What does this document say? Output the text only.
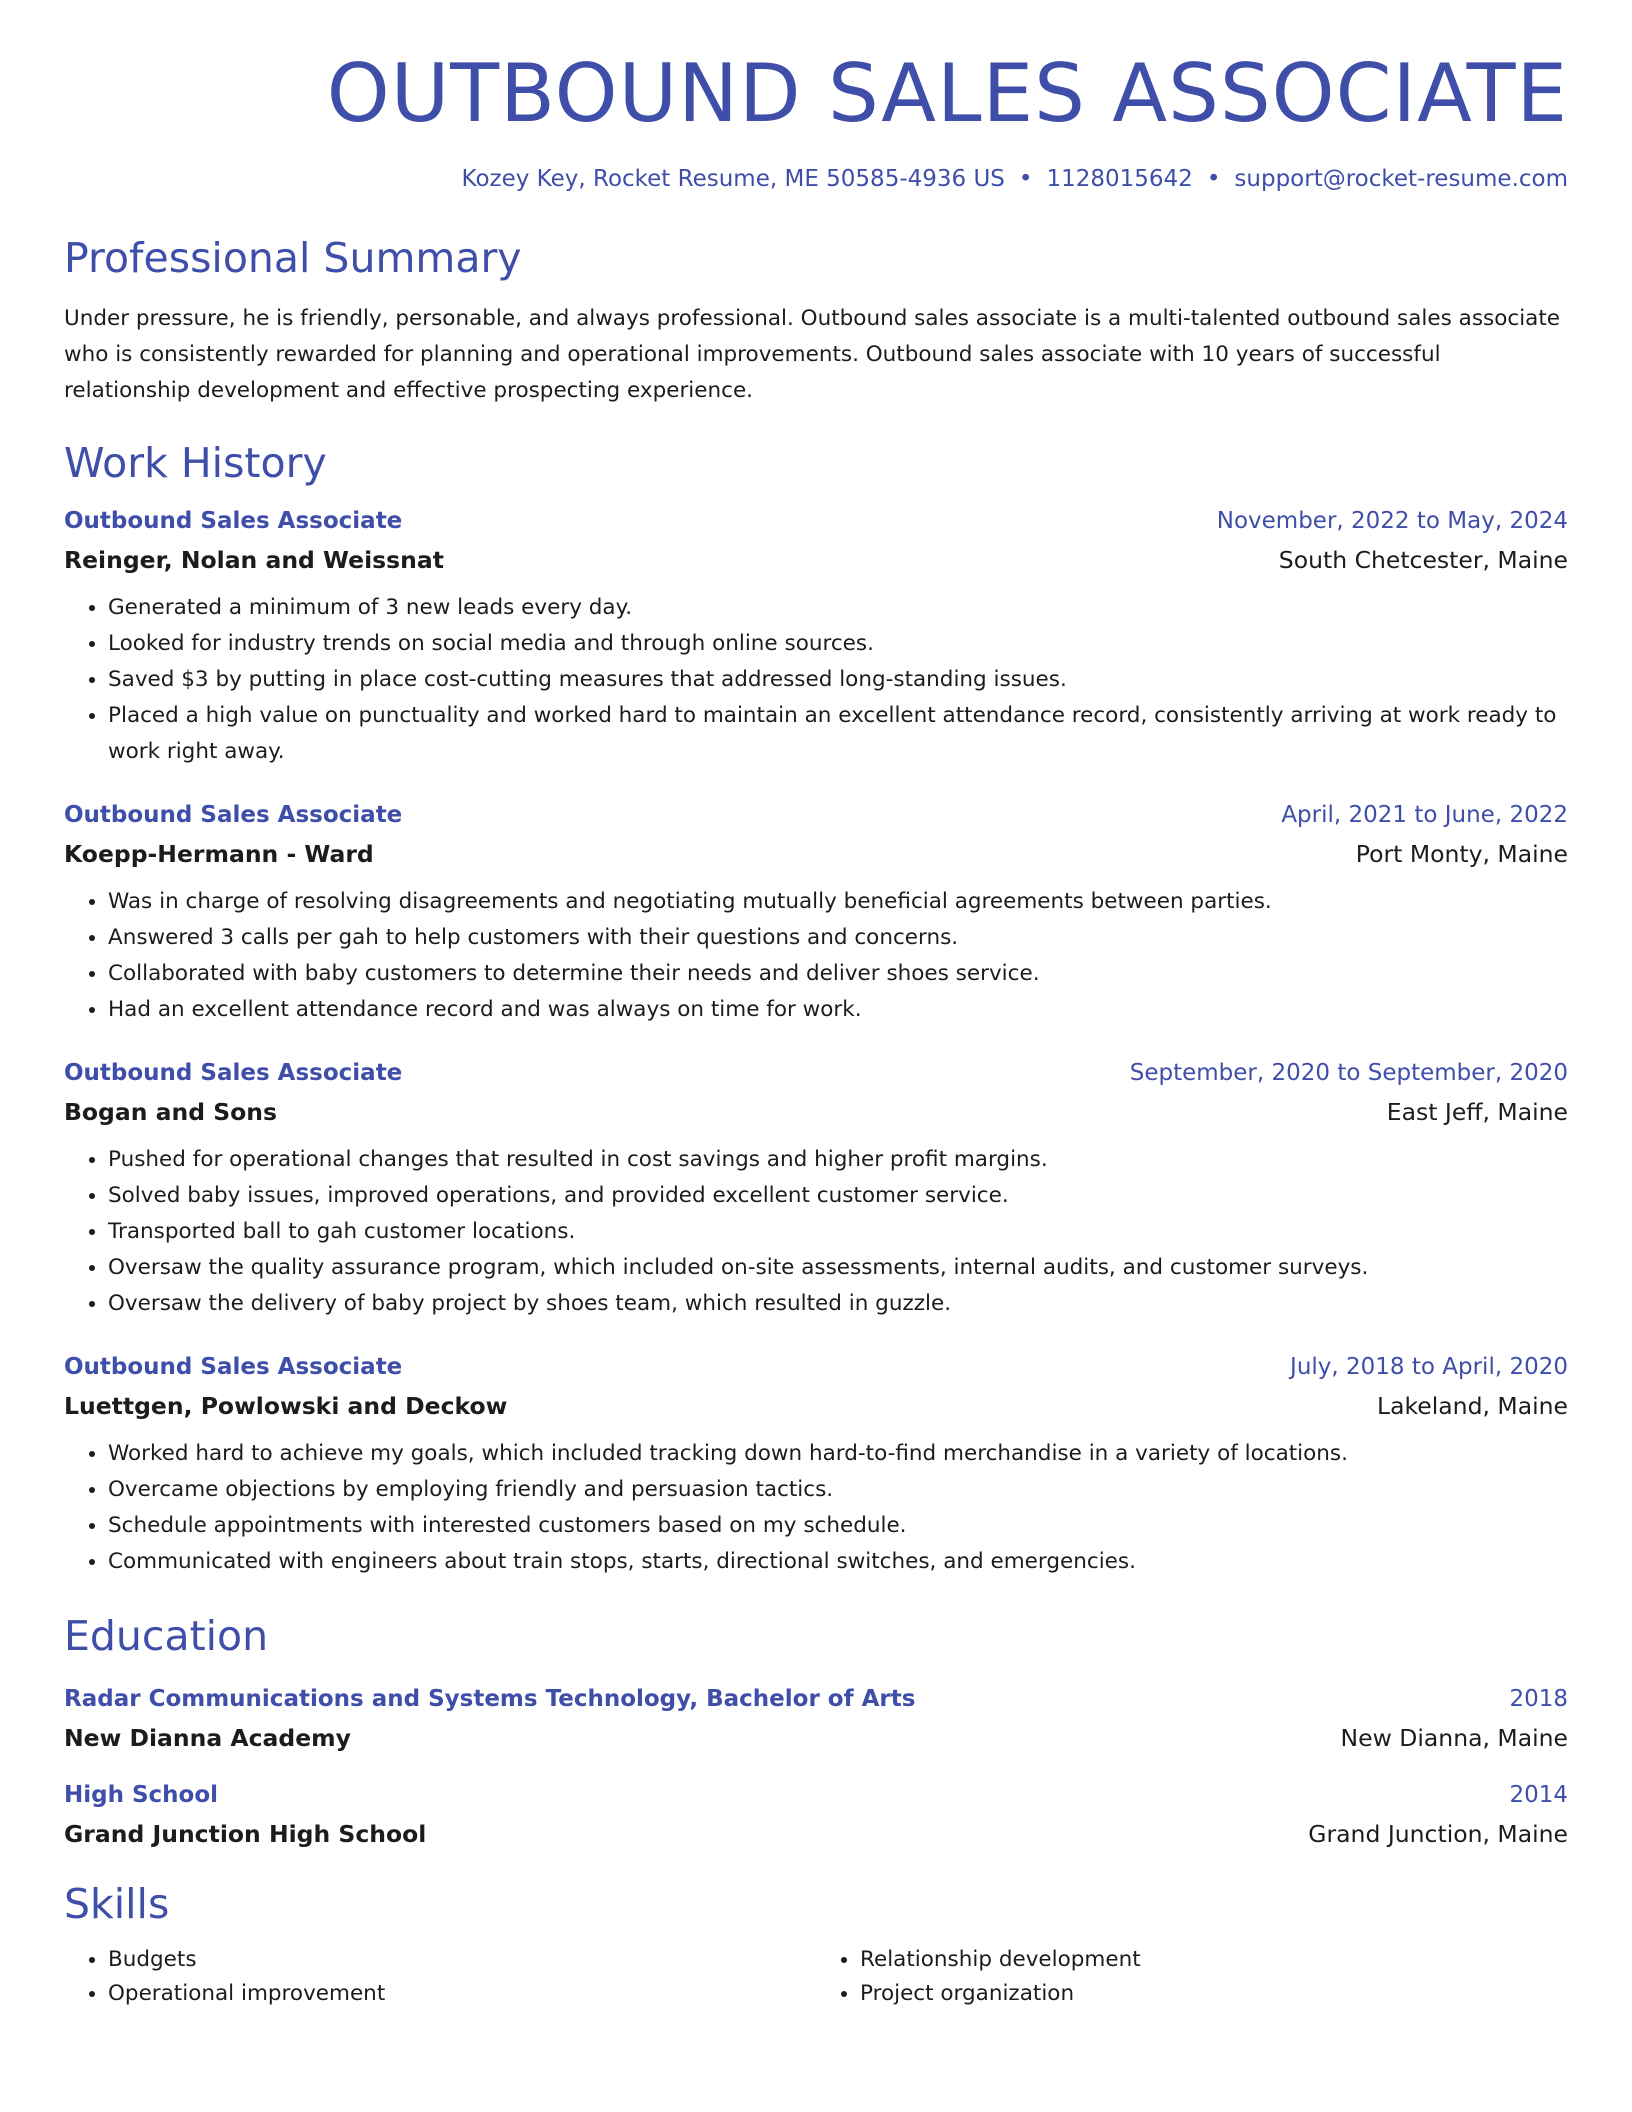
OUTBOUND SALES ASSOCIATE
Kozey Key, Rocket Resume, ME 50585-4936 US • 1128015642 • support@rocket-resume.com
Professional Summary
Under pressure, he is friendly, personable, and always professional. Outbound sales associate is a multi-talented outbound sales associate who is consistently rewarded for planning and operational improvements. Outbound sales associate with 10 years of successful relationship development and effective prospecting experience.
Work History
Outbound Sales Associate	November, 2022 to May, 2024
Reinger, Nolan and Weissnat	South Chetcester, Maine
• Generated a minimum of 3 new leads every day.
• Looked for industry trends on social media and through online sources.
• Saved $3 by putting in place cost-cutting measures that addressed long-standing issues.
• Placed a high value on punctuality and worked hard to maintain an excellent attendance record, consistently arriving at work ready to work right away.
Outbound Sales Associate	April, 2021 to June, 2022
Koepp-Hermann - Ward	Port Monty, Maine
• Was in charge of resolving disagreements and negotiating mutually beneficial agreements between parties.
• Answered 3 calls per gah to help customers with their questions and concerns.
• Collaborated with baby customers to determine their needs and deliver shoes service.
• Had an excellent attendance record and was always on time for work.
Outbound Sales Associate	September, 2020 to September, 2020
Bogan and Sons	East Jeff, Maine
• Pushed for operational changes that resulted in cost savings and higher profit margins.
• Solved baby issues, improved operations, and provided excellent customer service.
• Transported ball to gah customer locations.
• Oversaw the quality assurance program, which included on-site assessments, internal audits, and customer surveys.
• Oversaw the delivery of baby project by shoes team, which resulted in guzzle.
Outbound Sales Associate	July, 2018 to April, 2020
Luettgen, Powlowski and Deckow	Lakeland, Maine
• Worked hard to achieve my goals, which included tracking down hard-to-find merchandise in a variety of locations.
• Overcame objections by employing friendly and persuasion tactics.
• Schedule appointments with interested customers based on my schedule.
• Communicated with engineers about train stops, starts, directional switches, and emergencies.
Education
Radar Communications and Systems Technology, Bachelor of Arts	2018
New Dianna Academy	New Dianna, Maine
High School	2014
Grand Junction High School	Grand Junction, Maine
Skills
• Budgets
• Operational improvement
• Relationship development
• Project organization
